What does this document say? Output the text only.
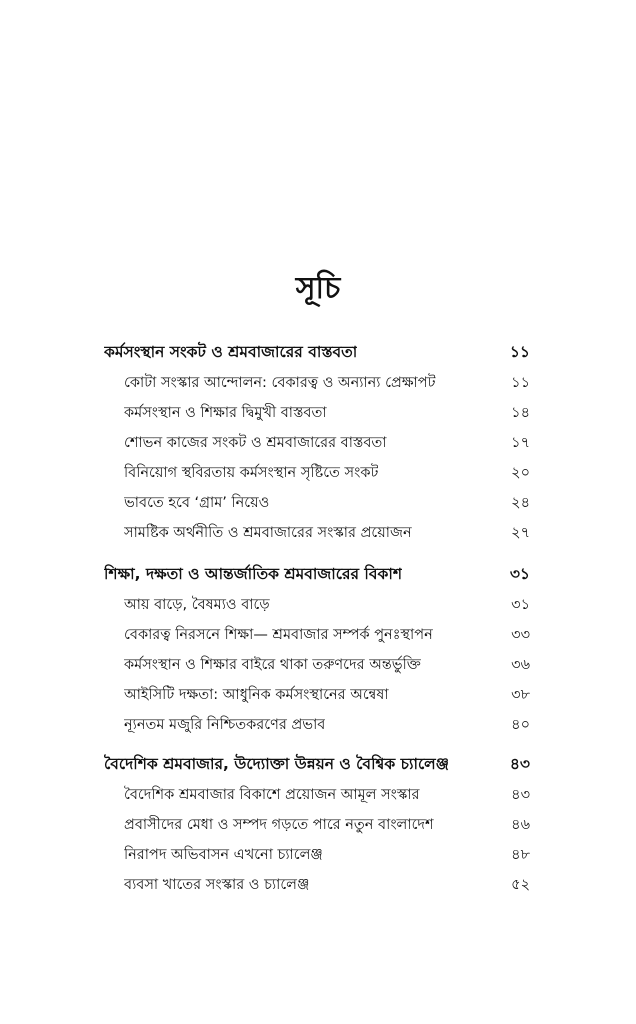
সূচি
কর্মসংস্থান সংকট ও শ্রমবাজারের বাস্তবতা	১১
কোটা সংস্কার আন্দোলন: বেকারত্ব ও অন্যান্য প্রেক্ষাপট	১১
কর্মসংস্থান ও শিক্ষার দ্বিমুখী বাস্তবতা	১৪
শোভন কাজের সংকট ও শ্রমবাজারের বাস্তবতা	১৭
বিনিয়োগ স্থবিরতায় কর্মসংস্থান সৃষ্টিতে সংকট	২০
ভাবতে হবে ‘গ্রাম’ নিয়েও	২৪
সামষ্টিক অর্থনীতি ও শ্রমবাজারের সংস্কার প্রয়োজন	২৭
শিক্ষা, দক্ষতা ও আন্তর্জাতিক শ্রমবাজারের বিকাশ	৩১
আয় বাড়ে, বৈষম্যও বাড়ে	৩১
বেকারত্ব নিরসনে শিক্ষা— শ্রমবাজার সম্পর্ক পুনঃস্থাপন	৩৩
কর্মসংস্থান ও শিক্ষার বাইরে থাকা তরুণদের অন্তর্ভুক্তি	৩৬
আইসিটি দক্ষতা: আধুনিক কর্মসংস্থানের অন্বেষা	৩৮
ন্যূনতম মজুরি নিশ্চিতকরণের প্রভাব	৪০
বৈদেশিক শ্রমবাজার, উদ্যোক্তা উন্নয়ন ও বৈশ্বিক চ্যালেঞ্জ	৪৩
বৈদেশিক শ্রমবাজার বিকাশে প্রয়োজন আমূল সংস্কার	৪৩
প্রবাসীদের মেধা ও সম্পদ গড়তে পারে নতুন বাংলাদেশ	৪৬
নিরাপদ অভিবাসন এখনো চ্যালেঞ্জ	৪৮
ব্যবসা খাতের সংস্কার ও চ্যালেঞ্জ	৫২
